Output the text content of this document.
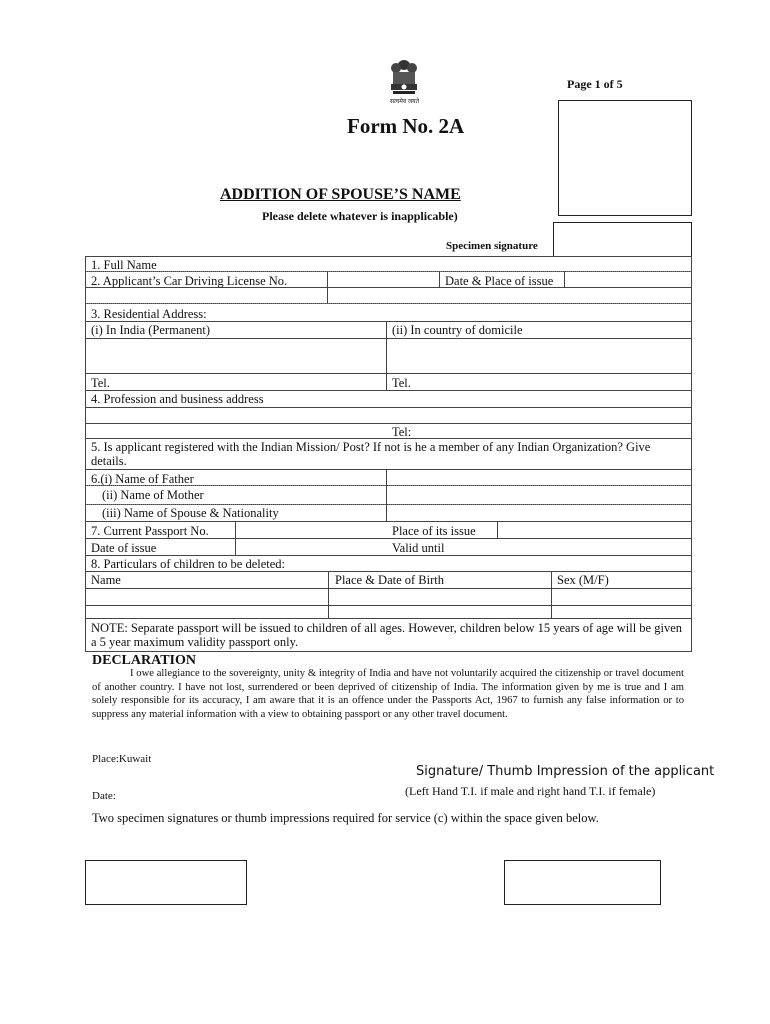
सत्यमेव जयते
Page 1 of 5
Form No. 2A
ADDITION OF SPOUSE’S NAME
Please delete whatever is inapplicable)
Specimen signature
1. Full Name
2. Applicant’s Car Driving License No.	Date & Place of issue
3. Residential Address:
(i) In India (Permanent)	(ii) In country of domicile
Tel.	Tel.
4. Profession and business address
Tel:
5. Is applicant registered with the Indian Mission/ Post? If not is he a member of any Indian Organization? Give details.
6.(i) Name of Father
(ii) Name of Mother
(iii) Name of Spouse & Nationality
7. Current Passport No.	Place of its issue
Date of issue	Valid until
8. Particulars of children to be deleted:
Name	Place & Date of Birth	Sex (M/F)
NOTE: Separate passport will be issued to children of all ages. However, children below 15 years of age will be given a 5 year maximum validity passport only.
DECLARATION
I owe allegiance to the sovereignty, unity & integrity of India and have not voluntarily acquired the citizenship or travel document of another country. I have not lost, surrendered or been deprived of citizenship of India. The information given by me is true and I am solely responsible for its accuracy, I am aware that it is an offence under the Passports Act, 1967 to furnish any false information or to suppress any material information with a view to obtaining passport or any other travel document.
Place:Kuwait
Signature/ Thumb Impression of the applicant
Date:	(Left Hand T.I. if male and right hand T.I. if female)
Two specimen signatures or thumb impressions required for service (c) within the space given below.
